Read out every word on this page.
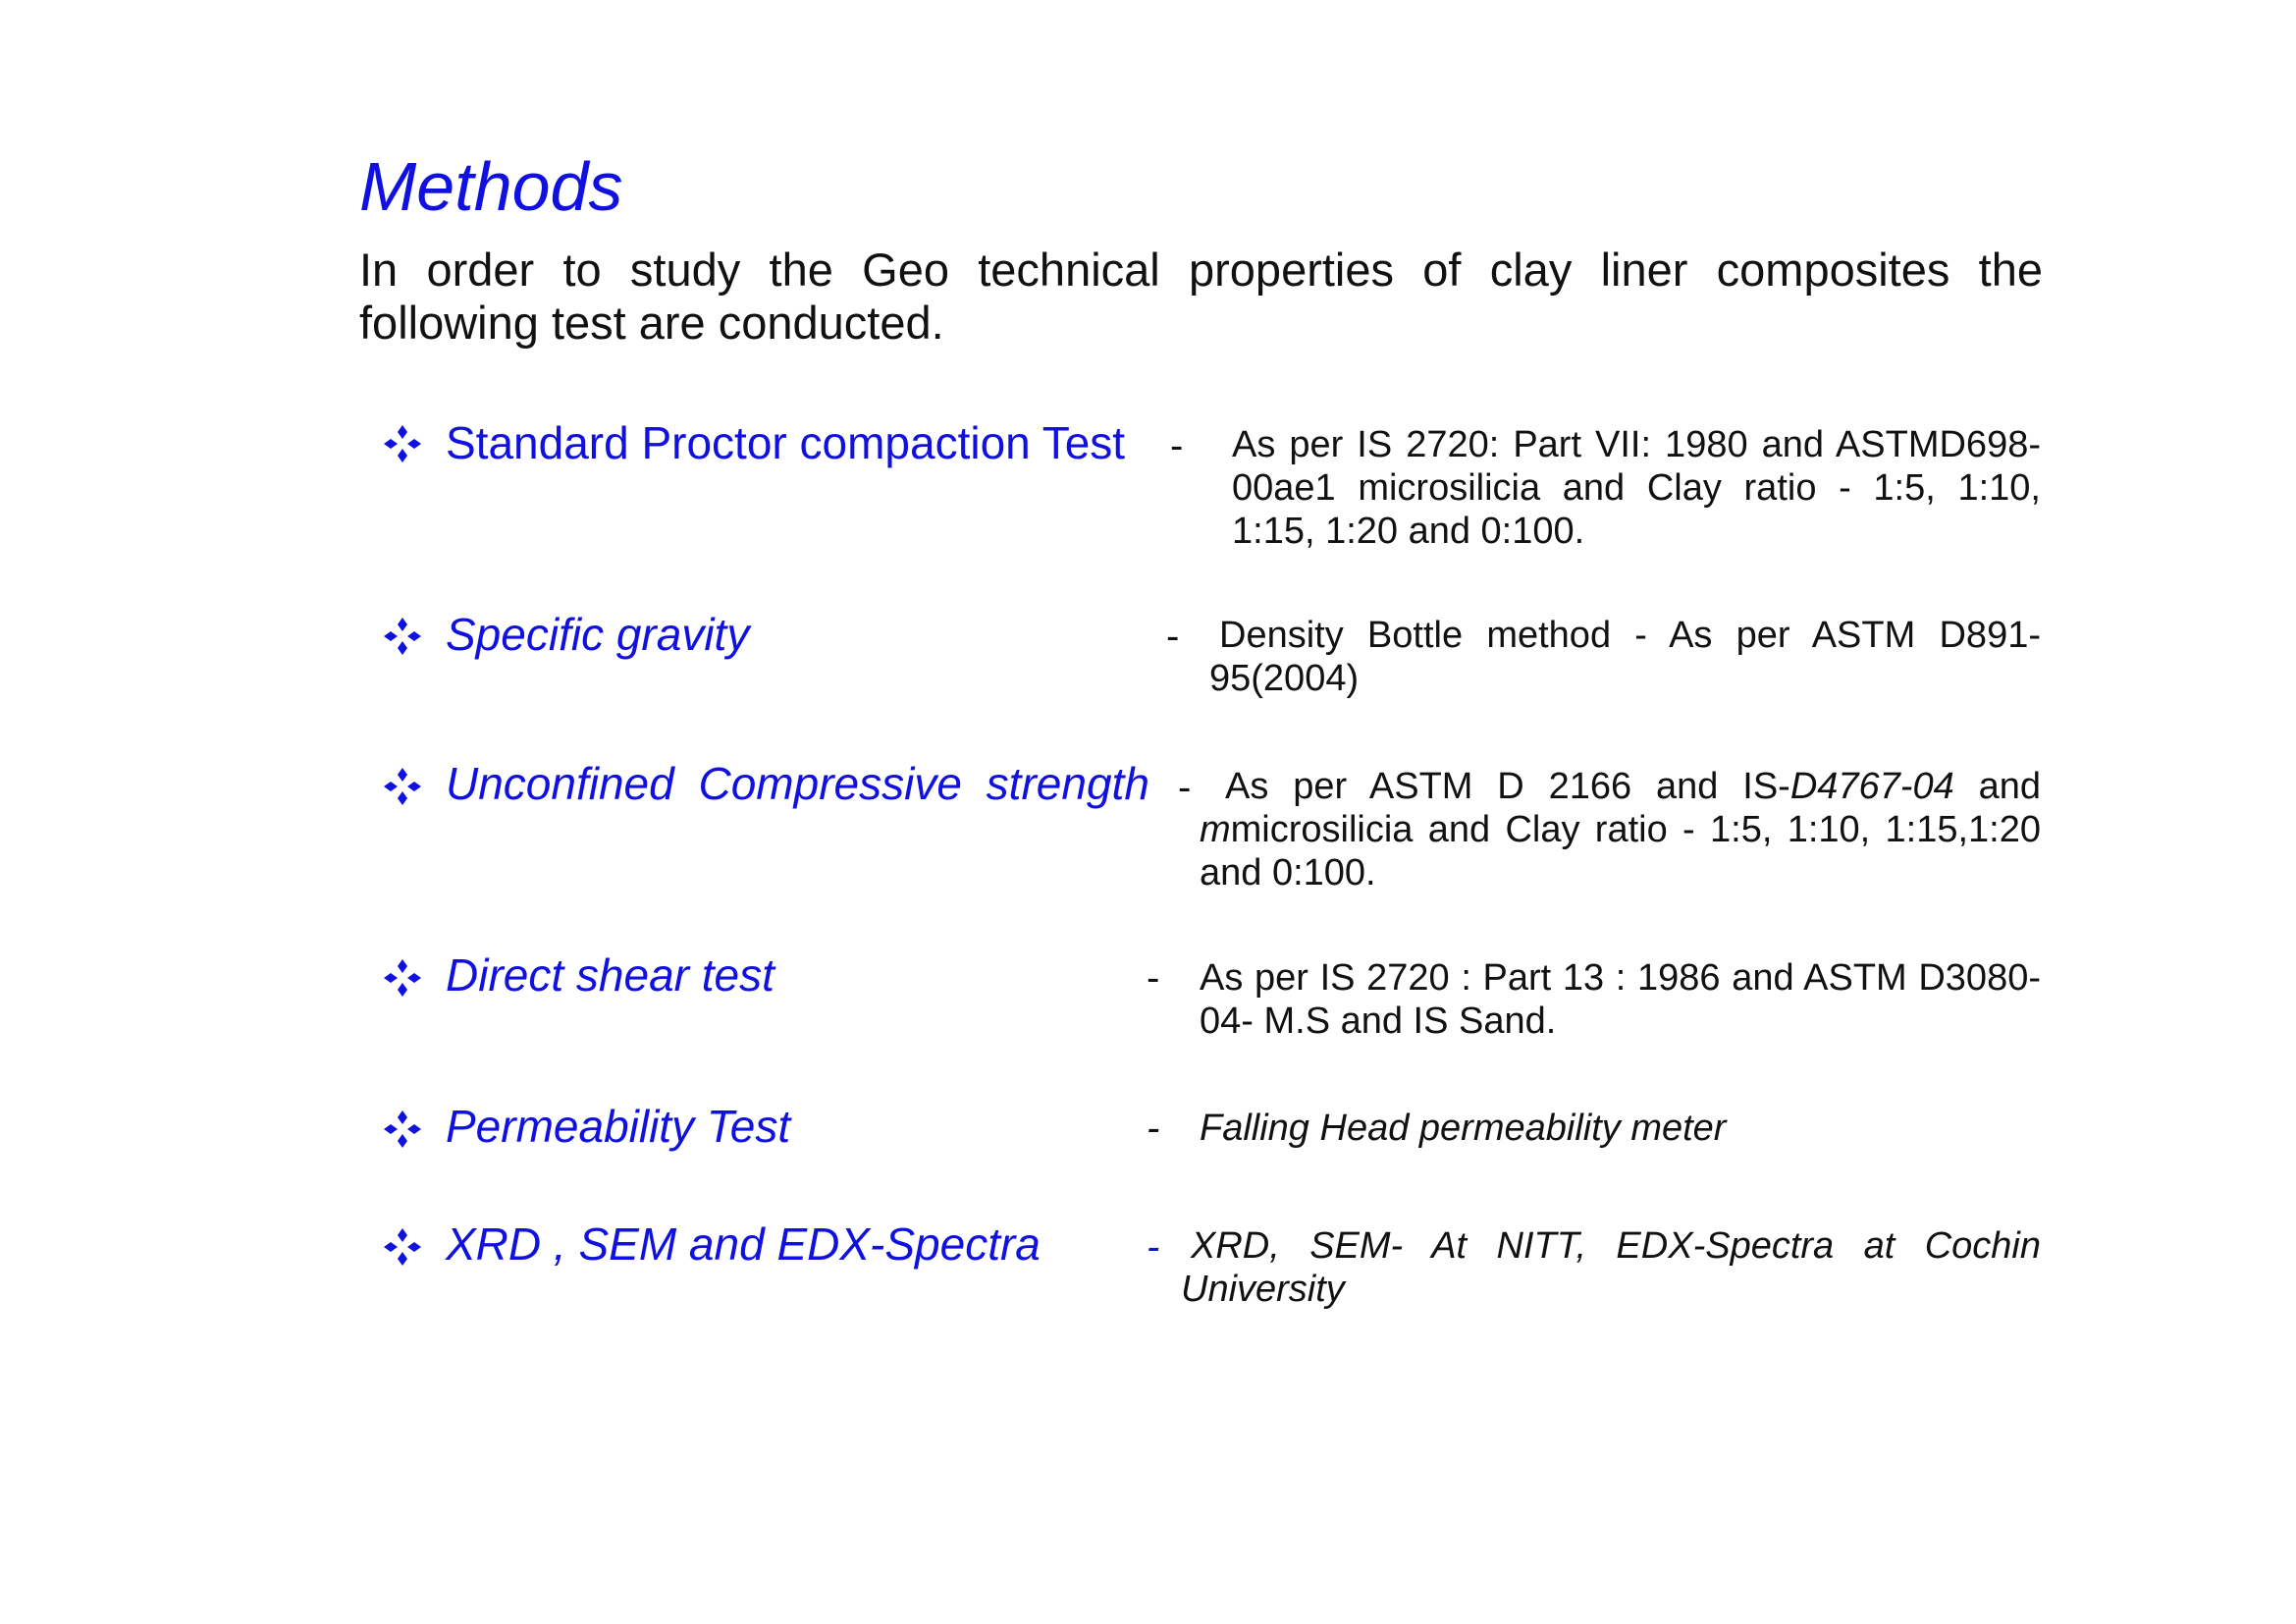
Methods
In order to study the Geo technical properties of clay liner composites the following test are conducted.
Standard Proctor compaction Test - As per IS 2720: Part VII: 1980 and ASTMD698-00ae1 microsilicia and Clay ratio - 1:5, 1:10, 1:15, 1:20 and 0:100.
Specific gravity	- Density Bottle method - As per ASTM D891-95(2004)
Unconfined Compressive strength - As per ASTM D 2166 and IS-D4767-04 and mmicrosilicia and Clay ratio - 1:5, 1:10, 1:15,1:20 and 0:100.
Direct shear test	- As per IS 2720 : Part 13 : 1986 and ASTM D3080-04- M.S and IS Sand.
Permeability Test	- Falling Head permeability meter
XRD , SEM and EDX-Spectra	- XRD, SEM- At NITT, EDX-Spectra at Cochin University
